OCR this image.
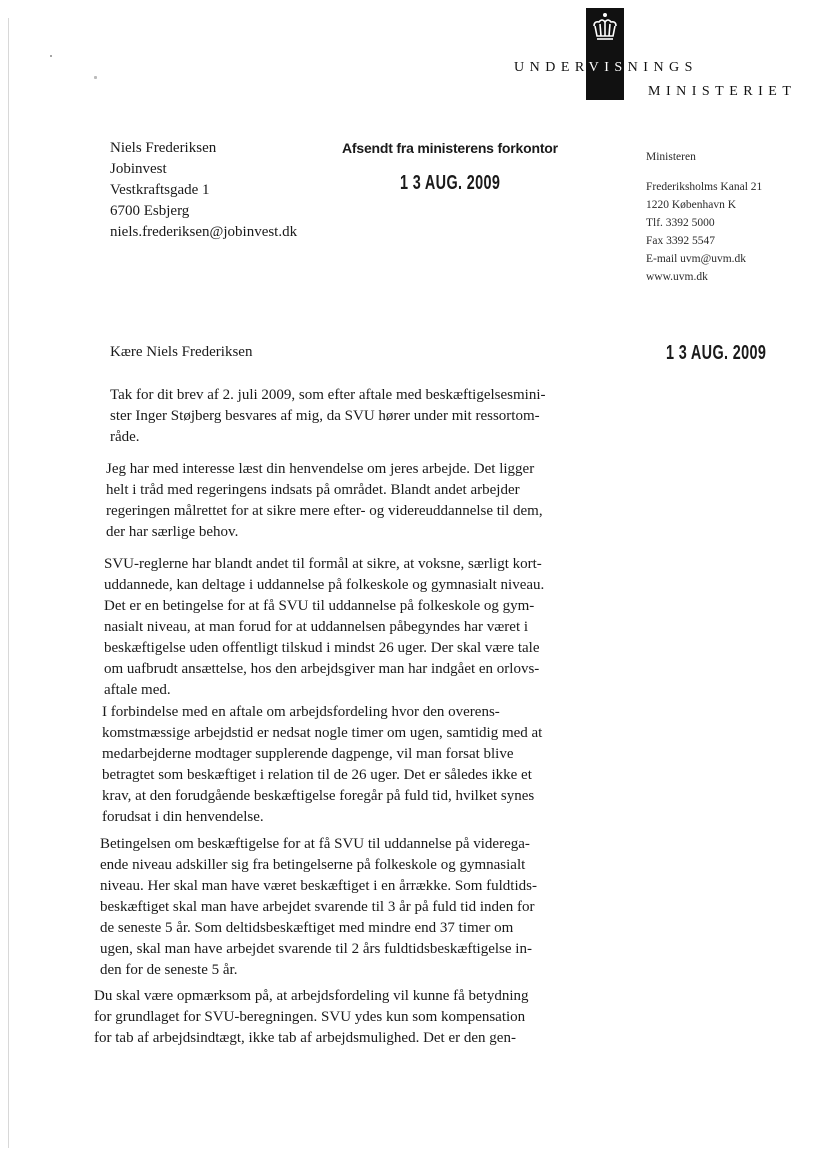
UNDERVISNINGS
MINISTERIET
Niels Frederiksen
Jobinvest
Vestkraftsgade 1
6700 Esbjerg
niels.frederiksen@jobinvest.dk
Afsendt fra ministerens forkontor
1 3 AUG. 2009
1 3 AUG. 2009
Ministeren
Frederiksholms Kanal 21
1220 København K
Tlf. 3392 5000
Fax 3392 5547
E-mail uvm@uvm.dk
www.uvm.dk
Kære Niels Frederiksen
Tak for dit brev af 2. juli 2009, som efter aftale med beskæftigelsesmini-
ster Inger Støjberg besvares af mig, da SVU hører under mit ressortom-
råde.
Jeg har med interesse læst din henvendelse om jeres arbejde. Det ligger
helt i tråd med regeringens indsats på området. Blandt andet arbejder
regeringen målrettet for at sikre mere efter- og videreuddannelse til dem,
der har særlige behov.
SVU-reglerne har blandt andet til formål at sikre, at voksne, særligt kort-
uddannede, kan deltage i uddannelse på folkeskole og gymnasialt niveau.
Det er en betingelse for at få SVU til uddannelse på folkeskole og gym-
nasialt niveau, at man forud for at uddannelsen påbegyndes har været i
beskæftigelse uden offentligt tilskud i mindst 26 uger. Der skal være tale
om uafbrudt ansættelse, hos den arbejdsgiver man har indgået en orlovs-
aftale med.
I forbindelse med en aftale om arbejdsfordeling hvor den overens-
komstmæssige arbejdstid er nedsat nogle timer om ugen, samtidig med at
medarbejderne modtager supplerende dagpenge, vil man forsat blive
betragtet som beskæftiget i relation til de 26 uger. Det er således ikke et
krav, at den forudgående beskæftigelse foregår på fuld tid, hvilket synes
forudsat i din henvendelse.
Betingelsen om beskæftigelse for at få SVU til uddannelse på viderega-
ende niveau adskiller sig fra betingelserne på folkeskole og gymnasialt
niveau. Her skal man have været beskæftiget i en årrække. Som fuldtids-
beskæftiget skal man have arbejdet svarende til 3 år på fuld tid inden for
de seneste 5 år. Som deltidsbeskæftiget med mindre end 37 timer om
ugen, skal man have arbejdet svarende til 2 års fuldtidsbeskæftigelse in-
den for de seneste 5 år.
Du skal være opmærksom på, at arbejdsfordeling vil kunne få betydning
for grundlaget for SVU-beregningen. SVU ydes kun som kompensation
for tab af arbejdsindtægt, ikke tab af arbejdsmulighed. Det er den gen-
